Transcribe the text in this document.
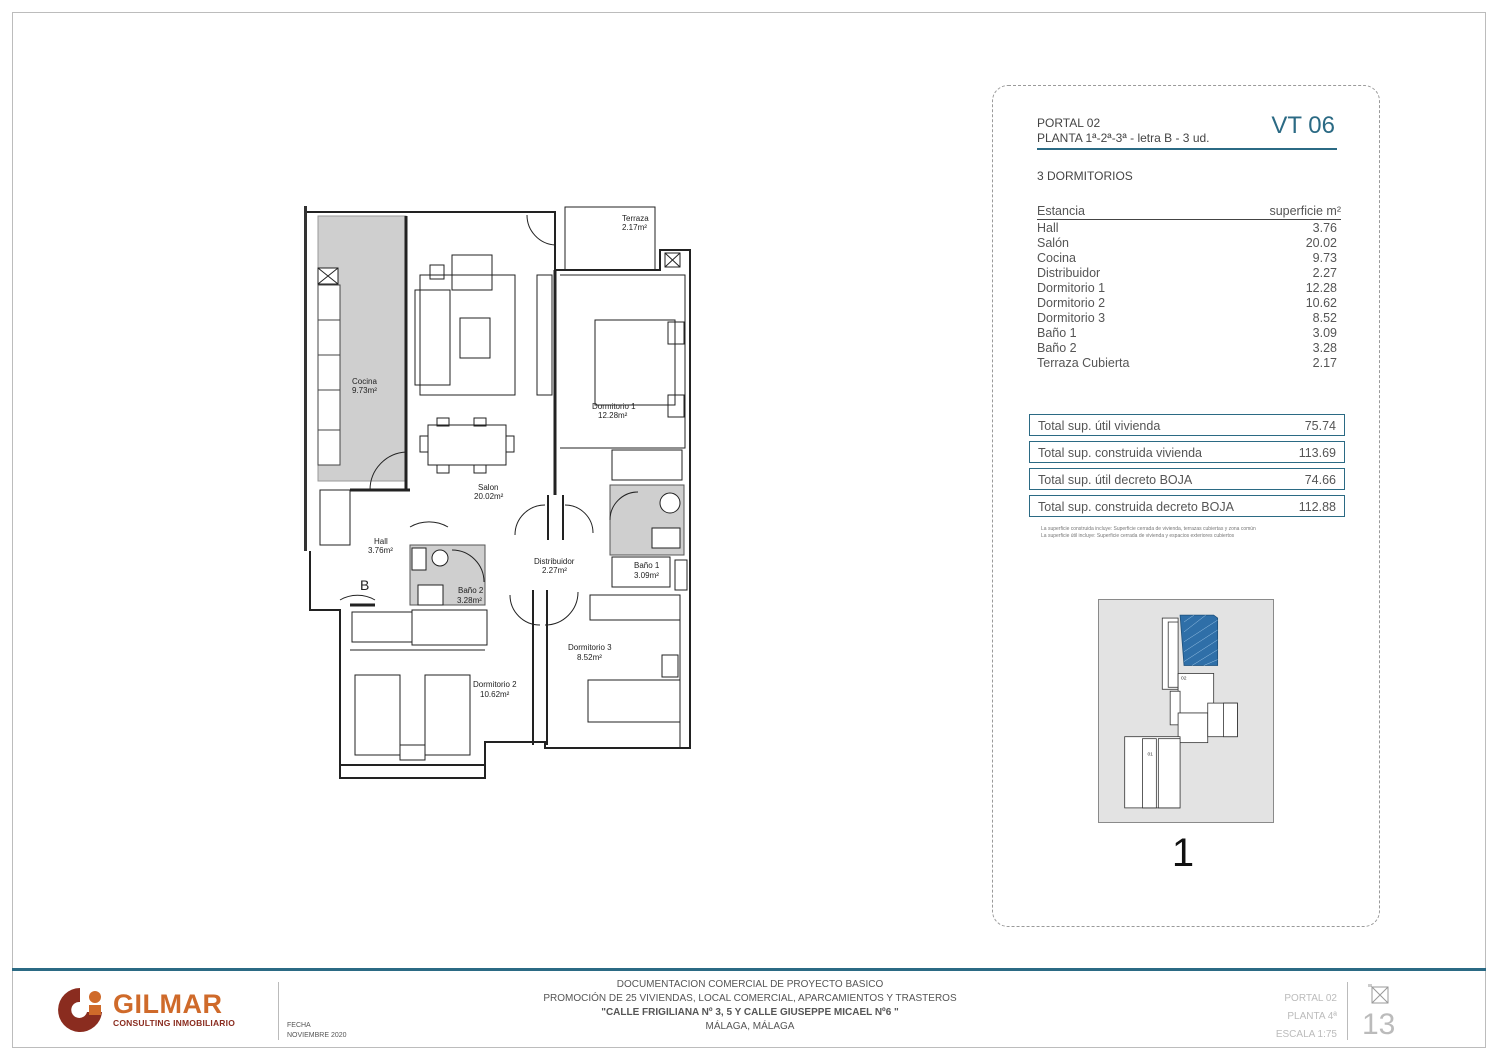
Terraza
2.17m²
Cocina
9.73m²
Dormitorio 1
12.28m²
Salon
20.02m²
Hall
3.76m²
B
Distribuidor
2.27m²
Baño 1
3.09m²
Baño 2
3.28m²
Dormitorio 3
8.52m²
Dormitorio 2
10.62m²
PORTAL 02
PLANTA 1ª-2ª-3ª - letra B - 3 ud.	VT 06
3 DORMITORIOS
Estancia	superficie m²
Hall	3.76
Salón	20.02
Cocina	9.73
Distribuidor	2.27
Dormitorio 1	12.28
Dormitorio 2	10.62
Dormitorio 3	8.52
Baño 1	3.09
Baño 2	3.28
Terraza Cubierta	2.17
Total sup. útil vivienda	75.74
Total sup. construida vivienda	113.69
Total sup. útil decreto BOJA	74.66
Total sup. construida decreto BOJA	112.88
La superficie construida incluye: Superficie cerrada de vivienda, terrazas cubiertas y zona común
La superficie útil incluye: Superficie cerrada de vivienda y espacios exteriores cubiertos
02
01
1
GILMAR
CONSULTING INMOBILIARIO	FECHA
NOVIEMBRE 2020
DOCUMENTACION COMERCIAL DE PROYECTO BASICO
PROMOCIÓN DE 25 VIVIENDAS, LOCAL COMERCIAL, APARCAMIENTOS Y TRASTEROS
"CALLE FRIGILIANA Nº 3, 5 Y CALLE GIUSEPPE MICAEL Nº6 "
MÁLAGA, MÁLAGA
PORTAL 02
PLANTA 4ª
ESCALA 1:75 13
